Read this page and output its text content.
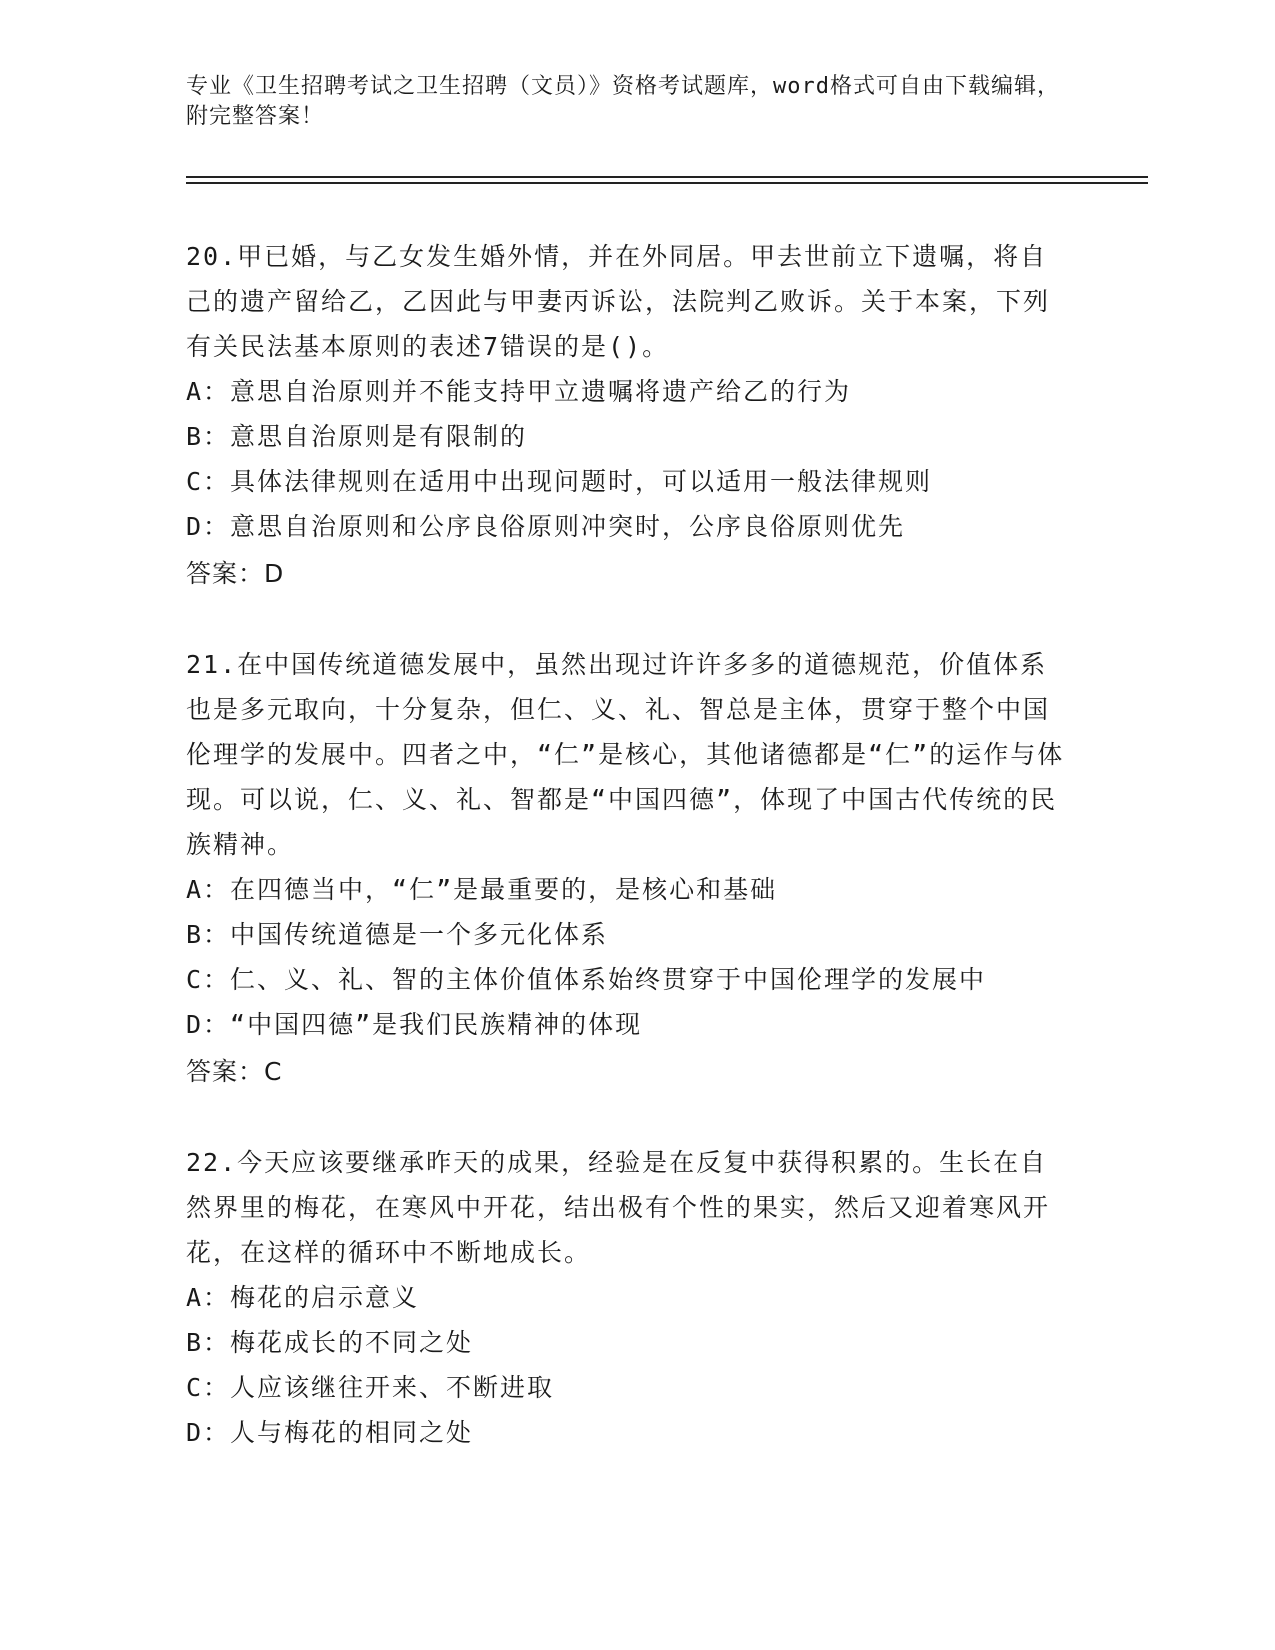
专业《卫生招聘考试之卫生招聘（文员）》资格考试题库，word格式可自由下载编辑，附完整答案！
20.甲已婚，与乙女发生婚外情，并在外同居。甲去世前立下遗嘱，将自己的遗产留给乙，乙因此与甲妻丙诉讼，法院判乙败诉。关于本案，下列有关民法基本原则的表述7错误的是()。
A：意思自治原则并不能支持甲立遗嘱将遗产给乙的行为
B：意思自治原则是有限制的
C：具体法律规则在适用中出现问题时，可以适用一般法律规则
D：意思自治原则和公序良俗原则冲突时，公序良俗原则优先
答案：D
21.在中国传统道德发展中，虽然出现过许许多多的道德规范，价值体系也是多元取向，十分复杂，但仁、义、礼、智总是主体，贯穿于整个中国伦理学的发展中。四者之中，“仁”是核心，其他诸德都是“仁”的运作与体现。可以说，仁、义、礼、智都是“中国四德”，体现了中国古代传统的民族精神。
A：在四德当中，“仁”是最重要的，是核心和基础
B：中国传统道德是一个多元化体系
C：仁、义、礼、智的主体价值体系始终贯穿于中国伦理学的发展中
D：“中国四德”是我们民族精神的体现
答案：C
22.今天应该要继承昨天的成果，经验是在反复中获得积累的。生长在自然界里的梅花，在寒风中开花，结出极有个性的果实，然后又迎着寒风开花，在这样的循环中不断地成长。
A：梅花的启示意义
B：梅花成长的不同之处
C：人应该继往开来、不断进取
D：人与梅花的相同之处
